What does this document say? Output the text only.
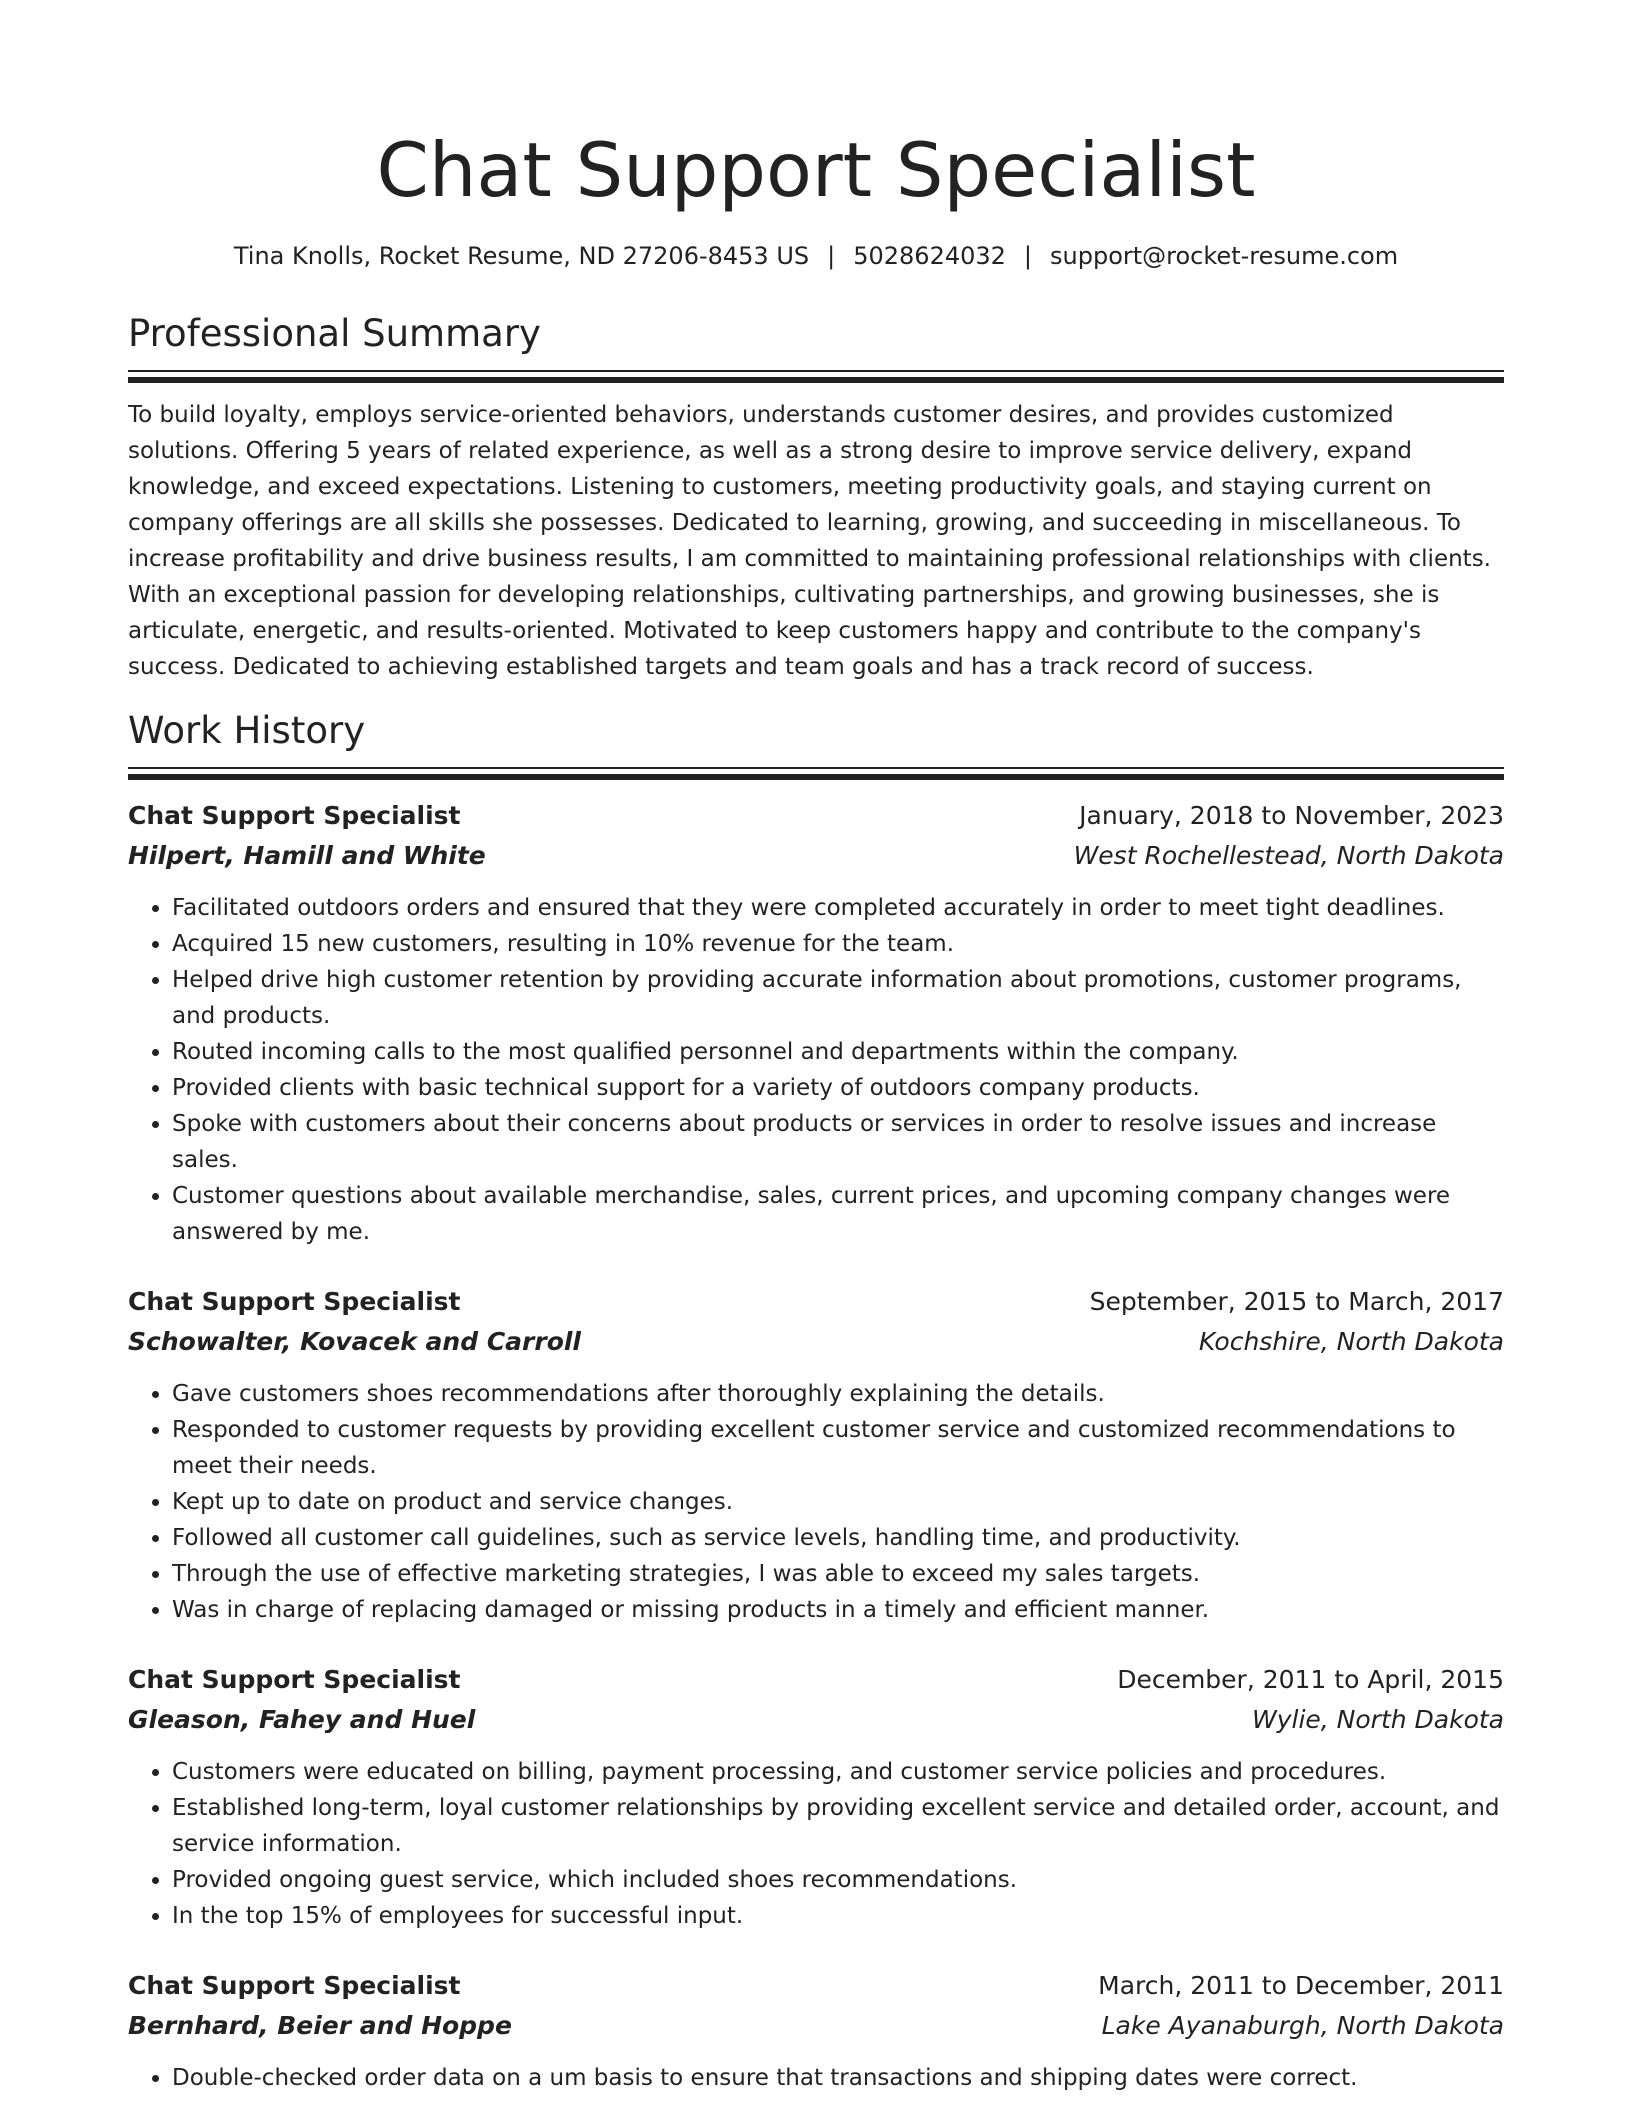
Chat Support Specialist
Tina Knolls, Rocket Resume, ND 27206-8453 US | 5028624032 | support@rocket-resume.com
Professional Summary

To build loyalty, employs service-oriented behaviors, understands customer desires, and provides customized solutions. Offering 5 years of related experience, as well as a strong desire to improve service delivery, expand knowledge, and exceed expectations. Listening to customers, meeting productivity goals, and staying current on company offerings are all skills she possesses. Dedicated to learning, growing, and succeeding in miscellaneous. To increase profitability and drive business results, I am committed to maintaining professional relationships with clients. With an exceptional passion for developing relationships, cultivating partnerships, and growing businesses, she is articulate, energetic, and results-oriented. Motivated to keep customers happy and contribute to the company's success. Dedicated to achieving established targets and team goals and has a track record of success.

Work History
Chat Support Specialist	January, 2018 to November, 2023
Hilpert, Hamill and White	West Rochellestead, North Dakota
• Facilitated outdoors orders and ensured that they were completed accurately in order to meet tight deadlines.
• Acquired 15 new customers, resulting in 10% revenue for the team.
• Helped drive high customer retention by providing accurate information about promotions, customer programs, and products.
• Routed incoming calls to the most qualified personnel and departments within the company.
• Provided clients with basic technical support for a variety of outdoors company products.
• Spoke with customers about their concerns about products or services in order to resolve issues and increase sales.
• Customer questions about available merchandise, sales, current prices, and upcoming company changes were answered by me.
Chat Support Specialist	September, 2015 to March, 2017
Schowalter, Kovacek and Carroll	Kochshire, North Dakota
• Gave customers shoes recommendations after thoroughly explaining the details.
• Responded to customer requests by providing excellent customer service and customized recommendations to meet their needs.
• Kept up to date on product and service changes.
• Followed all customer call guidelines, such as service levels, handling time, and productivity.
• Through the use of effective marketing strategies, I was able to exceed my sales targets.
• Was in charge of replacing damaged or missing products in a timely and efficient manner.
Chat Support Specialist	December, 2011 to April, 2015
Gleason, Fahey and Huel	Wylie, North Dakota
• Customers were educated on billing, payment processing, and customer service policies and procedures.
• Established long-term, loyal customer relationships by providing excellent service and detailed order, account, and service information.
• Provided ongoing guest service, which included shoes recommendations.
• In the top 15% of employees for successful input.
Chat Support Specialist	March, 2011 to December, 2011
Bernhard, Beier and Hoppe	Lake Ayanaburgh, North Dakota
• Double-checked order data on a um basis to ensure that transactions and shipping dates were correct.
